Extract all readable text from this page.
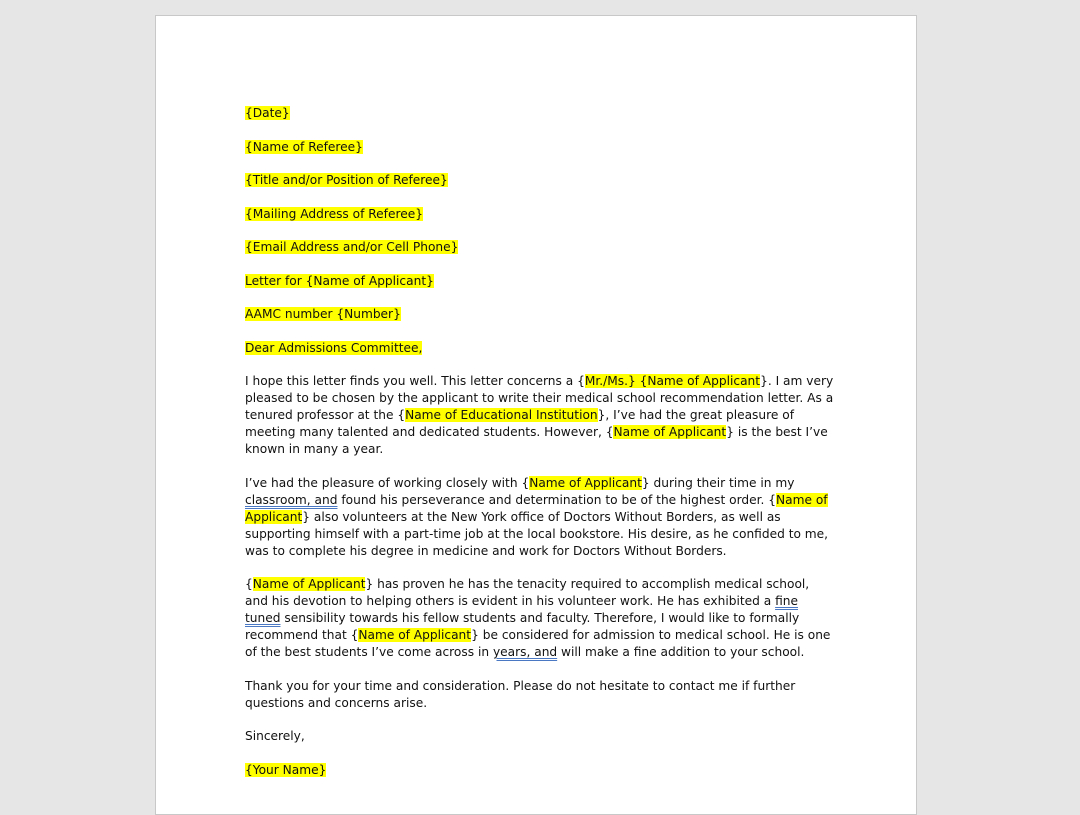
{Date}

{Name of Referee}

{Title and/or Position of Referee}

{Mailing Address of Referee}

{Email Address and/or Cell Phone}

Letter for {Name of Applicant}

AAMC number {Number}

Dear Admissions Committee,

I hope this letter finds you well. This letter concerns a {Mr./Ms.} {Name of Applicant}. I am very pleased to be chosen by the applicant to write their medical school recommendation letter. As a tenured professor at the {Name of Educational Institution}, I’ve had the great pleasure of meeting many talented and dedicated students. However, {Name of Applicant} is the best I’ve known in many a year.

I’ve had the pleasure of working closely with {Name of Applicant} during their time in my classroom, and found his perseverance and determination to be of the highest order. {Name of Applicant} also volunteers at the New York office of Doctors Without Borders, as well as supporting himself with a part-time job at the local bookstore. His desire, as he confided to me, was to complete his degree in medicine and work for Doctors Without Borders.

{Name of Applicant} has proven he has the tenacity required to accomplish medical school, and his devotion to helping others is evident in his volunteer work. He has exhibited a fine tuned sensibility towards his fellow students and faculty. Therefore, I would like to formally recommend that {Name of Applicant} be considered for admission to medical school. He is one of the best students I’ve come across in years, and will make a fine addition to your school.

Thank you for your time and consideration. Please do not hesitate to contact me if further questions and concerns arise.

Sincerely,

{Your Name}
